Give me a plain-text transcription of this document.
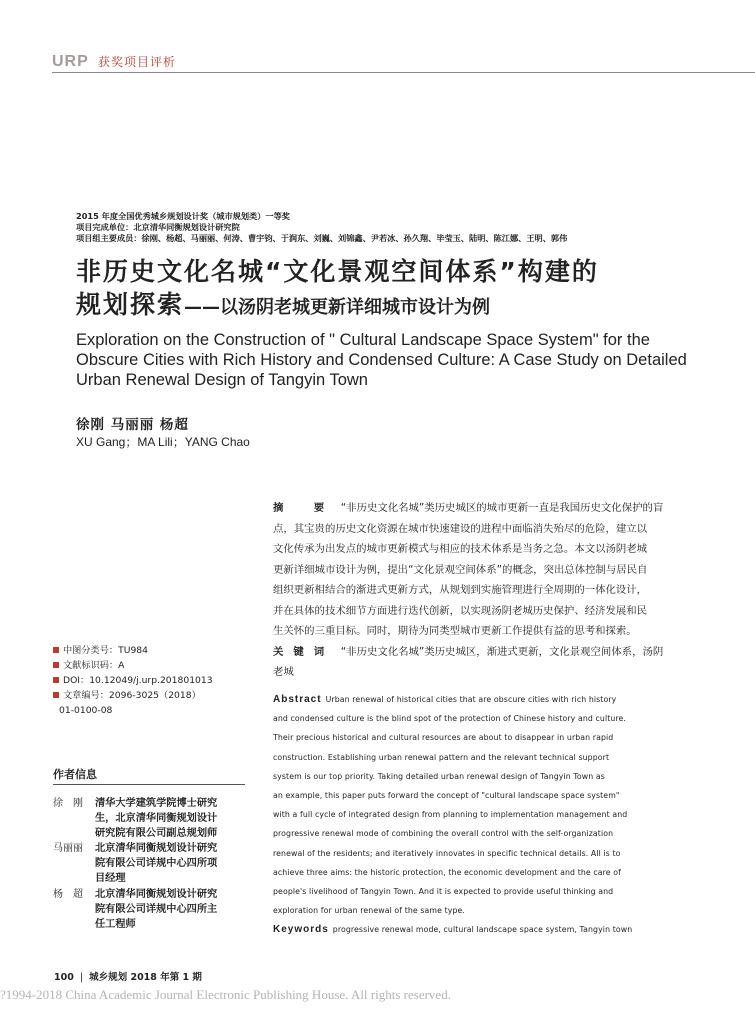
URP 获奖项目评析
2015 年度全国优秀城乡规划设计奖（城市规划类）一等奖
项目完成单位：北京清华同衡规划设计研究院
项目组主要成员：徐刚、杨超、马丽丽、何涛、曹宇钧、于润东、刘巍、刘锦鑫、尹若冰、孙久翔、毕莹玉、陆明、陈江娜、王明、郭伟
非历史文化名城“文化景观空间体系”构建的
规划探索——以汤阴老城更新详细城市设计为例
Exploration on the Construction of " Cultural Landscape Space System" for the
Obscure Cities with Rich History and Condensed Culture: A Case Study on Detailed
Urban Renewal Design of Tangyin Town
徐刚 马丽丽 杨超
XU Gang；MA Lili；YANG Chao
摘　要 “非历史文化名城”类历史城区的城市更新一直是我国历史文化保护的盲
点，其宝贵的历史文化资源在城市快速建设的进程中面临消失殆尽的危险，建立以
文化传承为出发点的城市更新模式与相应的技术体系是当务之急。本文以汤阴老城
更新详细城市设计为例，提出“文化景观空间体系”的概念，突出总体控制与居民自
组织更新相结合的渐进式更新方式，从规划到实施管理进行全周期的一体化设计，
并在具体的技术细节方面进行迭代创新，以实现汤阴老城历史保护、经济发展和民
生关怀的三重目标。同时，期待为同类型城市更新工作提供有益的思考和探索。
关键词 “非历史文化名城”类历史城区，渐进式更新，文化景观空间体系，汤阴
老城
中图分类号：TU984
文献标识码：A
DOI：10.12049/j.urp.201801013
文章编号：2096-3025（2018）
01-0100-08
作者信息
徐　刚	清华大学建筑学院博士研究
生，北京清华同衡规划设计
研究院有限公司副总规划师
马丽丽	北京清华同衡规划设计研究
院有限公司详规中心四所项
目经理
杨　超	北京清华同衡规划设计研究
院有限公司详规中心四所主
任工程师
Abstract Urban renewal of historical cities that are obscure cities with rich history
and condensed culture is the blind spot of the protection of Chinese history and culture.
Their precious historical and cultural resources are about to disappear in urban rapid
construction. Establishing urban renewal pattern and the relevant technical support
system is our top priority. Taking detailed urban renewal design of Tangyin Town as
an example, this paper puts forward the concept of "cultural landscape space system"
with a full cycle of integrated design from planning to implementation management and
progressive renewal mode of combining the overall control with the self-organization
renewal of the residents; and iteratively innovates in specific technical details. All is to
achieve three aims: the historic protection, the economic development and the care of
people's livelihood of Tangyin Town. And it is expected to provide useful thinking and
exploration for urban renewal of the same type.
Keywords progressive renewal mode, cultural landscape space system, Tangyin town
100  |  城乡规划 2018 年第 1 期
?1994-2018 China Academic Journal Electronic Publishing House. All rights reserved.
